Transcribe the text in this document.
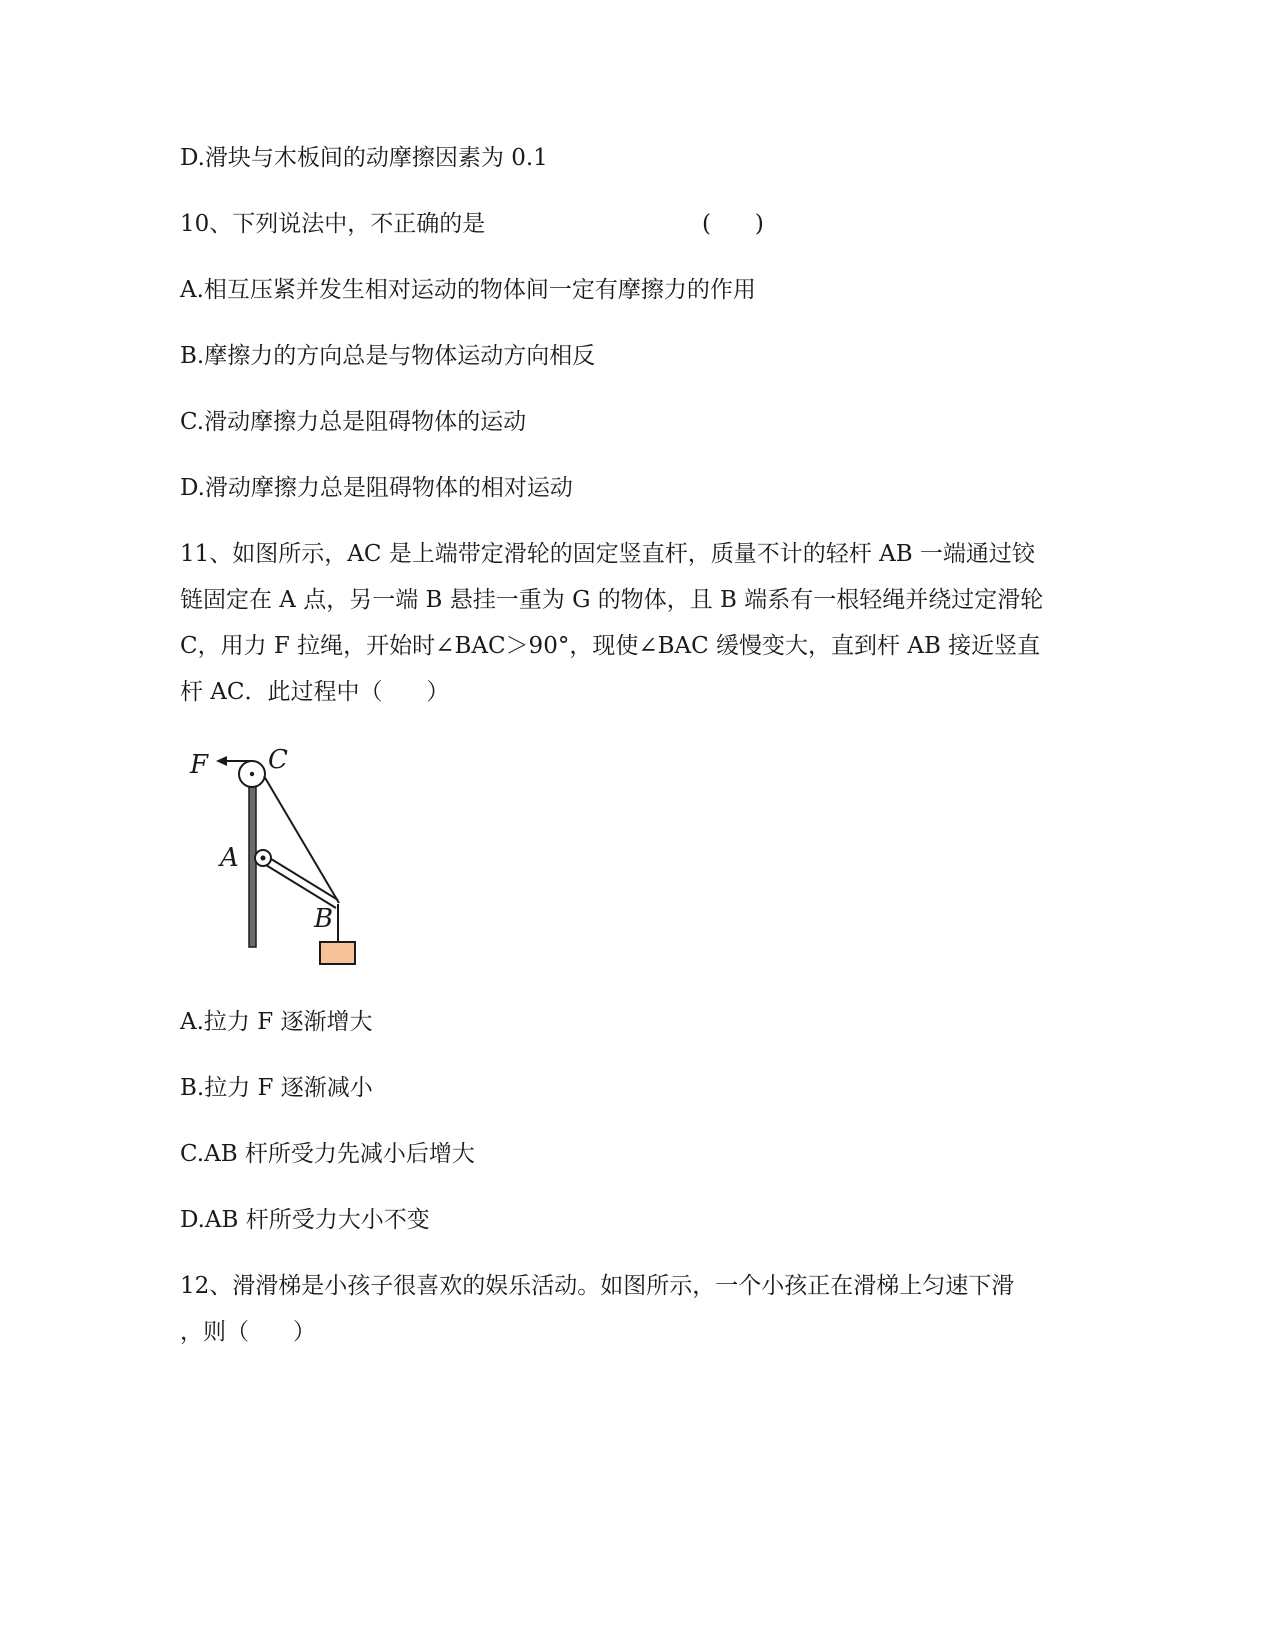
D.滑块与木板间的动摩擦因素为 0.1
10、下列说法中，不正确的是	(      )
A.相互压紧并发生相对运动的物体间一定有摩擦力的作用
B.摩擦力的方向总是与物体运动方向相反
C.滑动摩擦力总是阻碍物体的运动
D.滑动摩擦力总是阻碍物体的相对运动
11、如图所示，AC 是上端带定滑轮的固定竖直杆，质量不计的轻杆 AB 一端通过铰
链固定在 A 点，另一端 B 悬挂一重为 G 的物体，且 B 端系有一根轻绳并绕过定滑轮
C，用力 F 拉绳，开始时∠BAC＞90°，现使∠BAC 缓慢变大，直到杆 AB 接近竖直
杆 AC．此过程中（      ）
F C
A
B
A.拉力 F 逐渐增大
B.拉力 F 逐渐减小
C.AB 杆所受力先减小后增大
D.AB 杆所受力大小不变
12、滑滑梯是小孩子很喜欢的娱乐活动。如图所示，一个小孩正在滑梯上匀速下滑
，则（      ）
